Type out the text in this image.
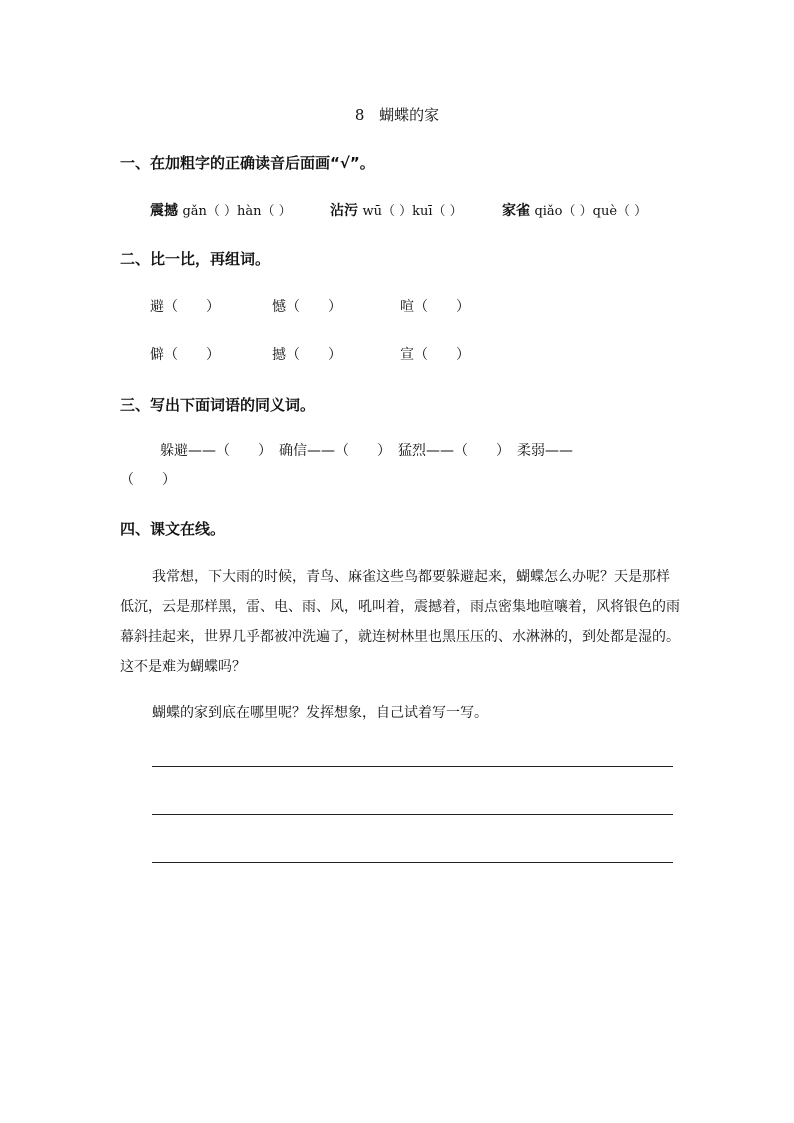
8 蝴蝶的家
一、在加粗字的正确读音后面画“√”。
震撼 gǎn（ ）hàn（ ）	沾污 wū（ ）kuī（ ）	家雀 qiǎo（ ）què（ ）
二、比一比，再组词。
避（　　）	憾（　　）	喧（　　）
僻（　　）	撼（　　）	宣（　　）
三、写出下面词语的同义词。
躲避——（　　）　确信——（　　）　猛烈——（　　）　柔弱——
（　　）
四、课文在线。

我常想，下大雨的时候，青鸟、麻雀这些鸟都要躲避起来，蝴蝶怎么办呢？天是那样低沉，云是那样黑，雷、电、雨、风，吼叫着，震撼着，雨点密集地喧嚷着，风将银色的雨幕斜挂起来，世界几乎都被冲洗遍了，就连树林里也黑压压的、水淋淋的，到处都是湿的。这不是难为蝴蝶吗？

蝴蝶的家到底在哪里呢？发挥想象，自己试着写一写。
